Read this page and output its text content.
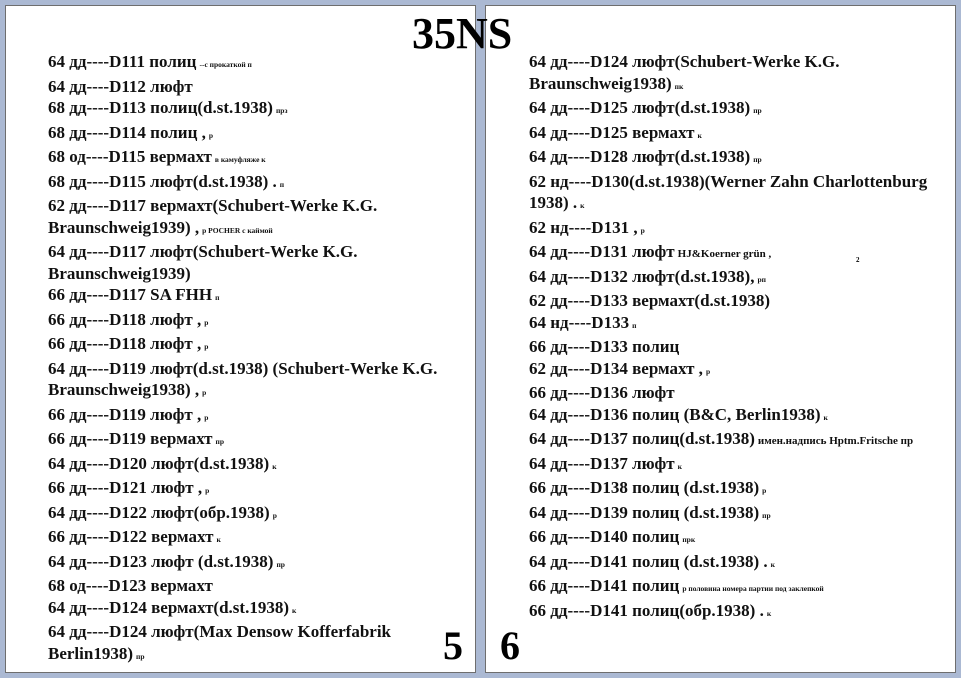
35NS
64 дд----D111 полиц --с прокаткой п
64 дд----D112 люфт
68 дд----D113 полиц(d.st.1938) прз
68 дд----D114 полиц , р
68 од----D115 вермахт в камуфляже к
68 дд----D115 люфт(d.st.1938) . п
62 дд----D117 вермахт(Schubert-Werke K.G. Braunschweig1939) , р POCHER с каймой
64 дд----D117 люфт(Schubert-Werke K.G. Braunschweig1939)
66 дд----D117 SA FHH п
66 дд----D118 люфт , р
66 дд----D118 люфт , р
64 дд----D119 люфт(d.st.1938) (Schubert-Werke K.G. Braunschweig1938) , р
66 дд----D119 люфт , р
66 дд----D119 вермахт пр
64 дд----D120 люфт(d.st.1938) к
66 дд----D121 люфт , р
64 дд----D122 люфт(обр.1938) р
66 дд----D122 вермахт к
64 дд----D123 люфт (d.st.1938) пр
68 од----D123 вермахт
64 дд----D124 вермахт(d.st.1938) к
64 дд----D124 люфт(Max Densow Kofferfabrik Berlin1938) пр	5
64 дд----D124 люфт(Schubert-Werke K.G. Braunschweig1938) пк
64 дд----D125 люфт(d.st.1938) пр
64 дд----D125 вермахт к
64 дд----D128 люфт(d.st.1938) пр
62 нд----D130(d.st.1938)(Werner Zahn Charlottenburg 1938) . к
62 нд----D131 , р
64 дд----D131 люфт HJ&Koerner grün ,
64 дд----D132 люфт(d.st.1938), рп
62 дд----D133 вермахт(d.st.1938)
64 нд----D133 п
66 дд----D133 полиц
62 дд----D134 вермахт , р
66 дд----D136 люфт
64 дд----D136 полиц (B&C, Berlin1938) к
64 дд----D137 полиц(d.st.1938) имен.надпись Hptm.Fritsche пр
64 дд----D137 люфт к
66 дд----D138 полиц (d.st.1938) р
64 дд----D139 полиц (d.st.1938) пр
66 дд----D140 полиц прк
64 дд----D141 полиц (d.st.1938) . к
66 дд----D141 полиц р половина номера партии под заклепкой
66 дд----D141 полиц(обр.1938) . к
2
6
